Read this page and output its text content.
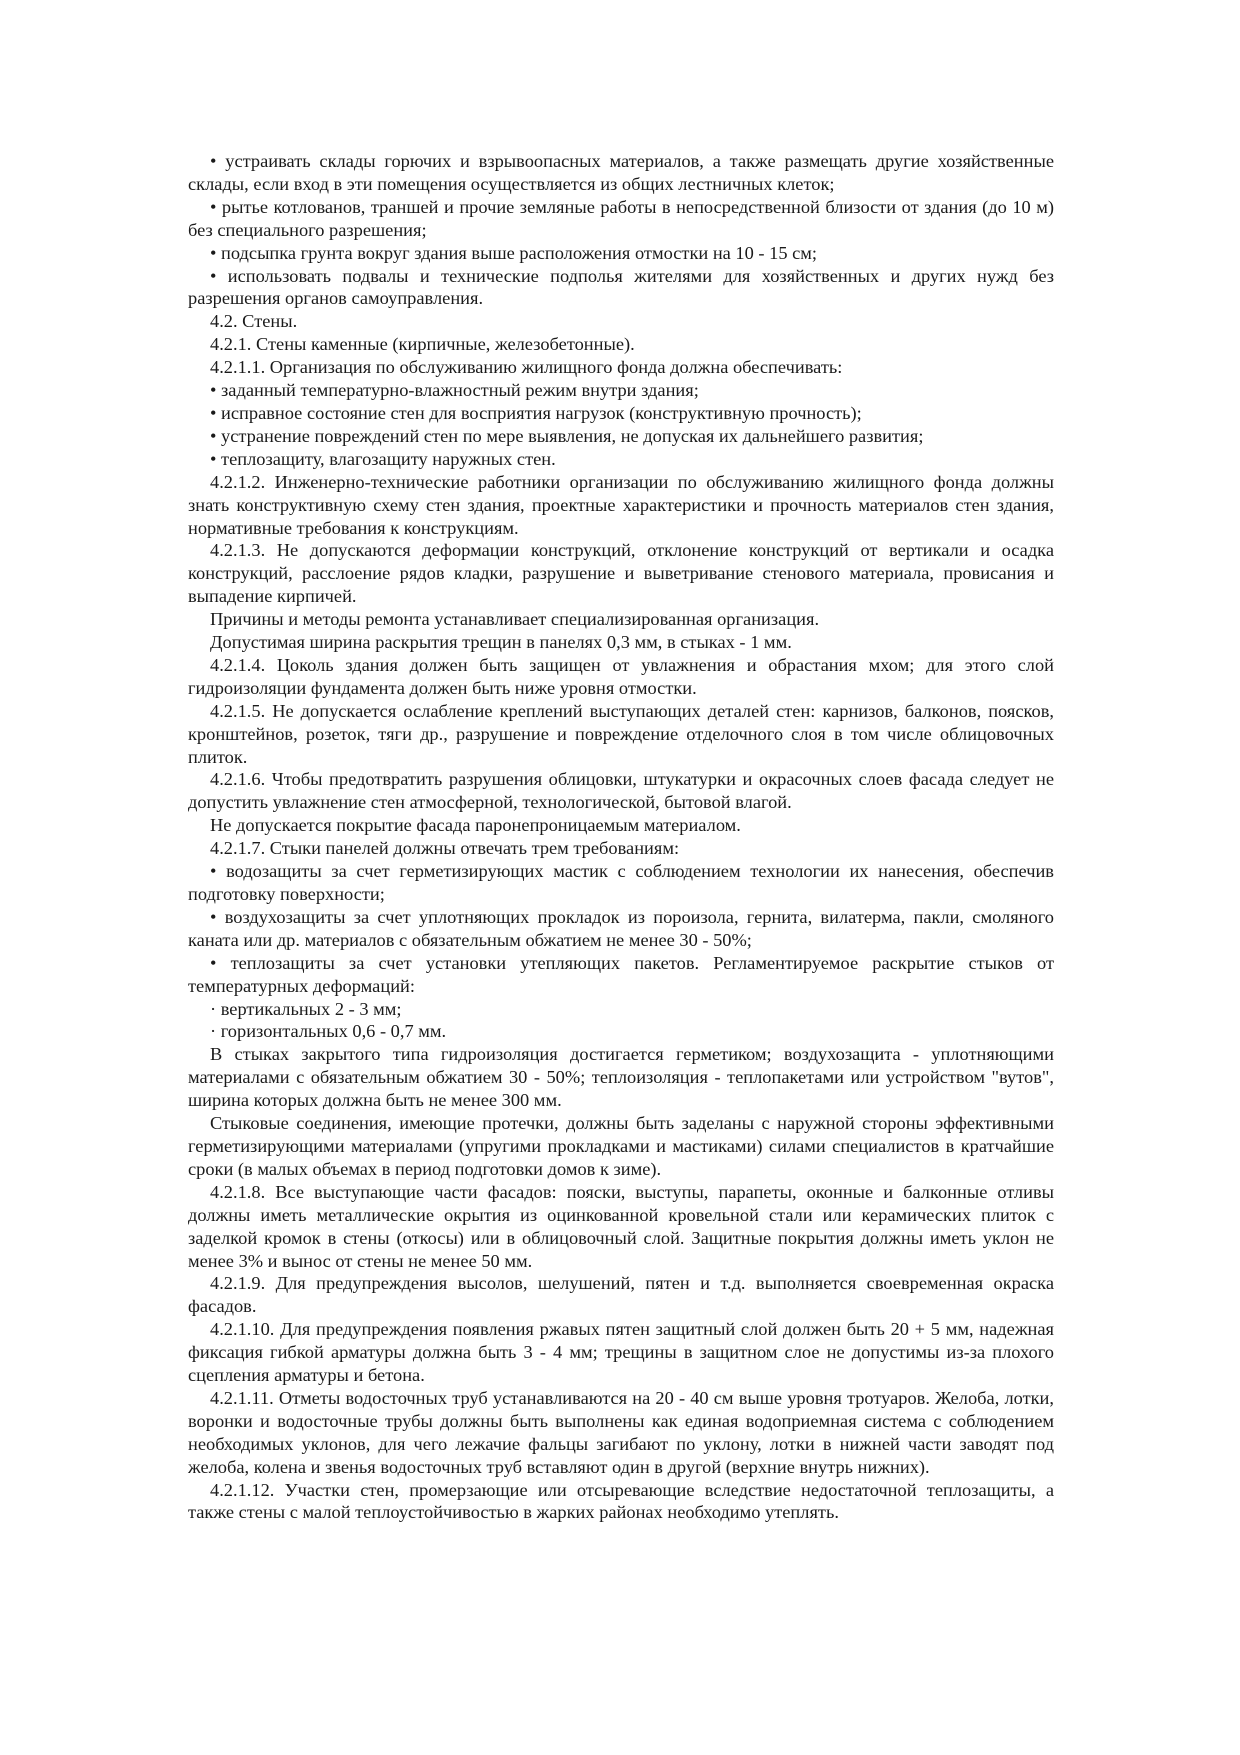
• устраивать склады горючих и взрывоопасных материалов, а также размещать другие хозяйственные склады, если вход в эти помещения осуществляется из общих лестничных клеток;

• рытье котлованов, траншей и прочие земляные работы в непосредственной близости от здания (до 10 м) без специального разрешения;

• подсыпка грунта вокруг здания выше расположения отмостки на 10 - 15 см;

• использовать подвалы и технические подполья жителями для хозяйственных и других нужд без разрешения органов самоуправления.

4.2. Стены.

4.2.1. Стены каменные (кирпичные, железобетонные).

4.2.1.1. Организация по обслуживанию жилищного фонда должна обеспечивать:

• заданный температурно-влажностный режим внутри здания;

• исправное состояние стен для восприятия нагрузок (конструктивную прочность);

• устранение повреждений стен по мере выявления, не допуская их дальнейшего развития;

• теплозащиту, влагозащиту наружных стен.

4.2.1.2. Инженерно-технические работники организации по обслуживанию жилищного фонда должны знать конструктивную схему стен здания, проектные характеристики и прочность материалов стен здания, нормативные требования к конструкциям.

4.2.1.3. Не допускаются деформации конструкций, отклонение конструкций от вертикали и осадка конструкций, расслоение рядов кладки, разрушение и выветривание стенового материала, провисания и выпадение кирпичей.

Причины и методы ремонта устанавливает специализированная организация.

Допустимая ширина раскрытия трещин в панелях 0,3 мм, в стыках - 1 мм.

4.2.1.4. Цоколь здания должен быть защищен от увлажнения и обрастания мхом; для этого слой гидроизоляции фундамента должен быть ниже уровня отмостки.

4.2.1.5. Не допускается ослабление креплений выступающих деталей стен: карнизов, балконов, поясков, кронштейнов, розеток, тяги др., разрушение и повреждение отделочного слоя в том числе облицовочных плиток.

4.2.1.6. Чтобы предотвратить разрушения облицовки, штукатурки и окрасочных слоев фасада следует не допустить увлажнение стен атмосферной, технологической, бытовой влагой.

Не допускается покрытие фасада паронепроницаемым материалом.

4.2.1.7. Стыки панелей должны отвечать трем требованиям:

• водозащиты за счет герметизирующих мастик с соблюдением технологии их нанесения, обеспечив подготовку поверхности;

• воздухозащиты за счет уплотняющих прокладок из пороизола, гернита, вилатерма, пакли, смоляного каната или др. материалов с обязательным обжатием не менее 30 - 50%;

• теплозащиты за счет установки утепляющих пакетов. Регламентируемое раскрытие стыков от температурных деформаций:

· вертикальных 2 - 3 мм;

· горизонтальных 0,6 - 0,7 мм.

В стыках закрытого типа гидроизоляция достигается герметиком; воздухозащита - уплотняющими материалами с обязательным обжатием 30 - 50%; теплоизоляция - теплопакетами или устройством "вутов", ширина которых должна быть не менее 300 мм.

Стыковые соединения, имеющие протечки, должны быть заделаны с наружной стороны эффективными герметизирующими материалами (упругими прокладками и мастиками) силами специалистов в кратчайшие сроки (в малых объемах в период подготовки домов к зиме).

4.2.1.8. Все выступающие части фасадов: пояски, выступы, парапеты, оконные и балконные отливы должны иметь металлические окрытия из оцинкованной кровельной стали или керамических плиток с заделкой кромок в стены (откосы) или в облицовочный слой. Защитные покрытия должны иметь уклон не менее 3% и вынос от стены не менее 50 мм.

4.2.1.9. Для предупреждения высолов, шелушений, пятен и т.д. выполняется своевременная окраска фасадов.

4.2.1.10. Для предупреждения появления ржавых пятен защитный слой должен быть 20 + 5 мм, надежная фиксация гибкой арматуры должна быть 3 - 4 мм; трещины в защитном слое не допустимы из-за плохого сцепления арматуры и бетона.

4.2.1.11. Отметы водосточных труб устанавливаются на 20 - 40 см выше уровня тротуаров. Желоба, лотки, воронки и водосточные трубы должны быть выполнены как единая водоприемная система с соблюдением необходимых уклонов, для чего лежачие фальцы загибают по уклону, лотки в нижней части заводят под желоба, колена и звенья водосточных труб вставляют один в другой (верхние внутрь нижних).

4.2.1.12. Участки стен, промерзающие или отсыревающие вследствие недостаточной теплозащиты, а также стены с малой теплоустойчивостью в жарких районах необходимо утеплять.
